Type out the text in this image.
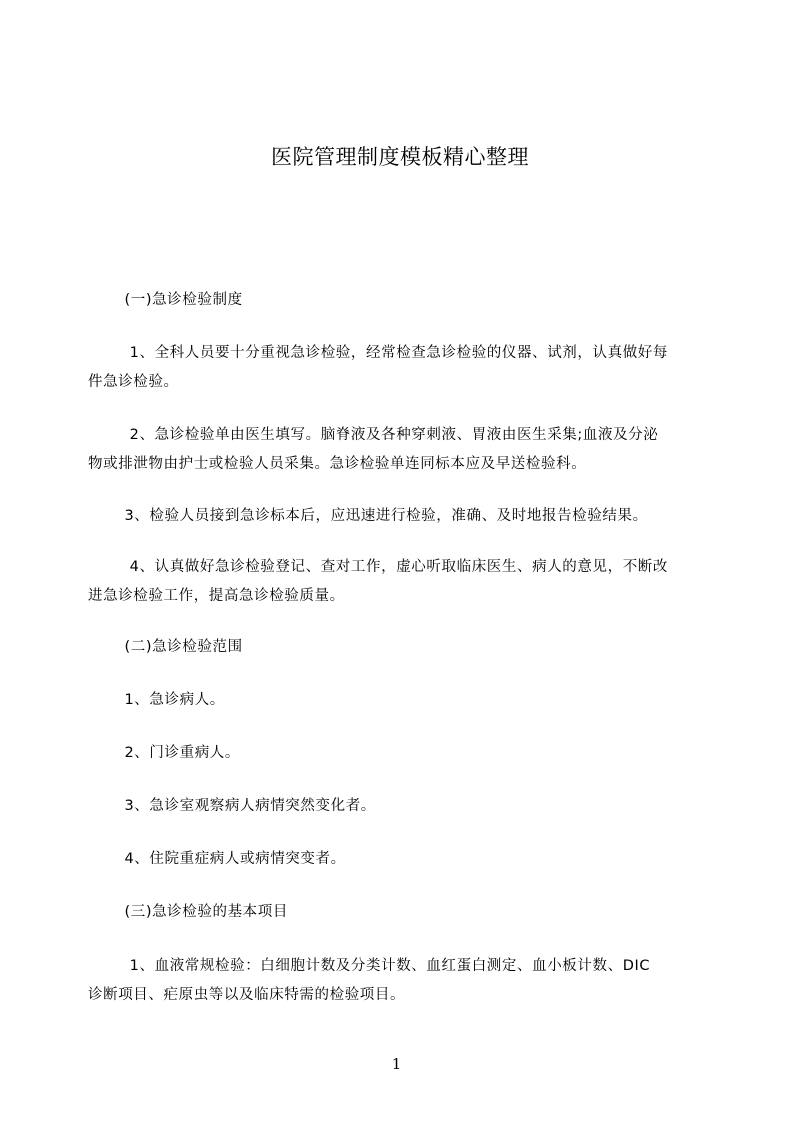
医院管理制度模板精心整理
(一)急诊检验制度
1、全科人员要十分重视急诊检验，经常检查急诊检验的仪器、试剂，认真做好每
件急诊检验。
2、急诊检验单由医生填写。脑脊液及各种穿刺液、胃液由医生采集;血液及分泌
物或排泄物由护士或检验人员采集。急诊检验单连同标本应及早送检验科。
3、检验人员接到急诊标本后，应迅速进行检验，准确、及时地报告检验结果。
4、认真做好急诊检验登记、查对工作，虚心听取临床医生、病人的意见，不断改
进急诊检验工作，提高急诊检验质量。
(二)急诊检验范围
1、急诊病人。
2、门诊重病人。
3、急诊室观察病人病情突然变化者。
4、住院重症病人或病情突变者。
(三)急诊检验的基本项目
1、血液常规检验：白细胞计数及分类计数、血红蛋白测定、血小板计数、DIC
诊断项目、疟原虫等以及临床特需的检验项目。
1
